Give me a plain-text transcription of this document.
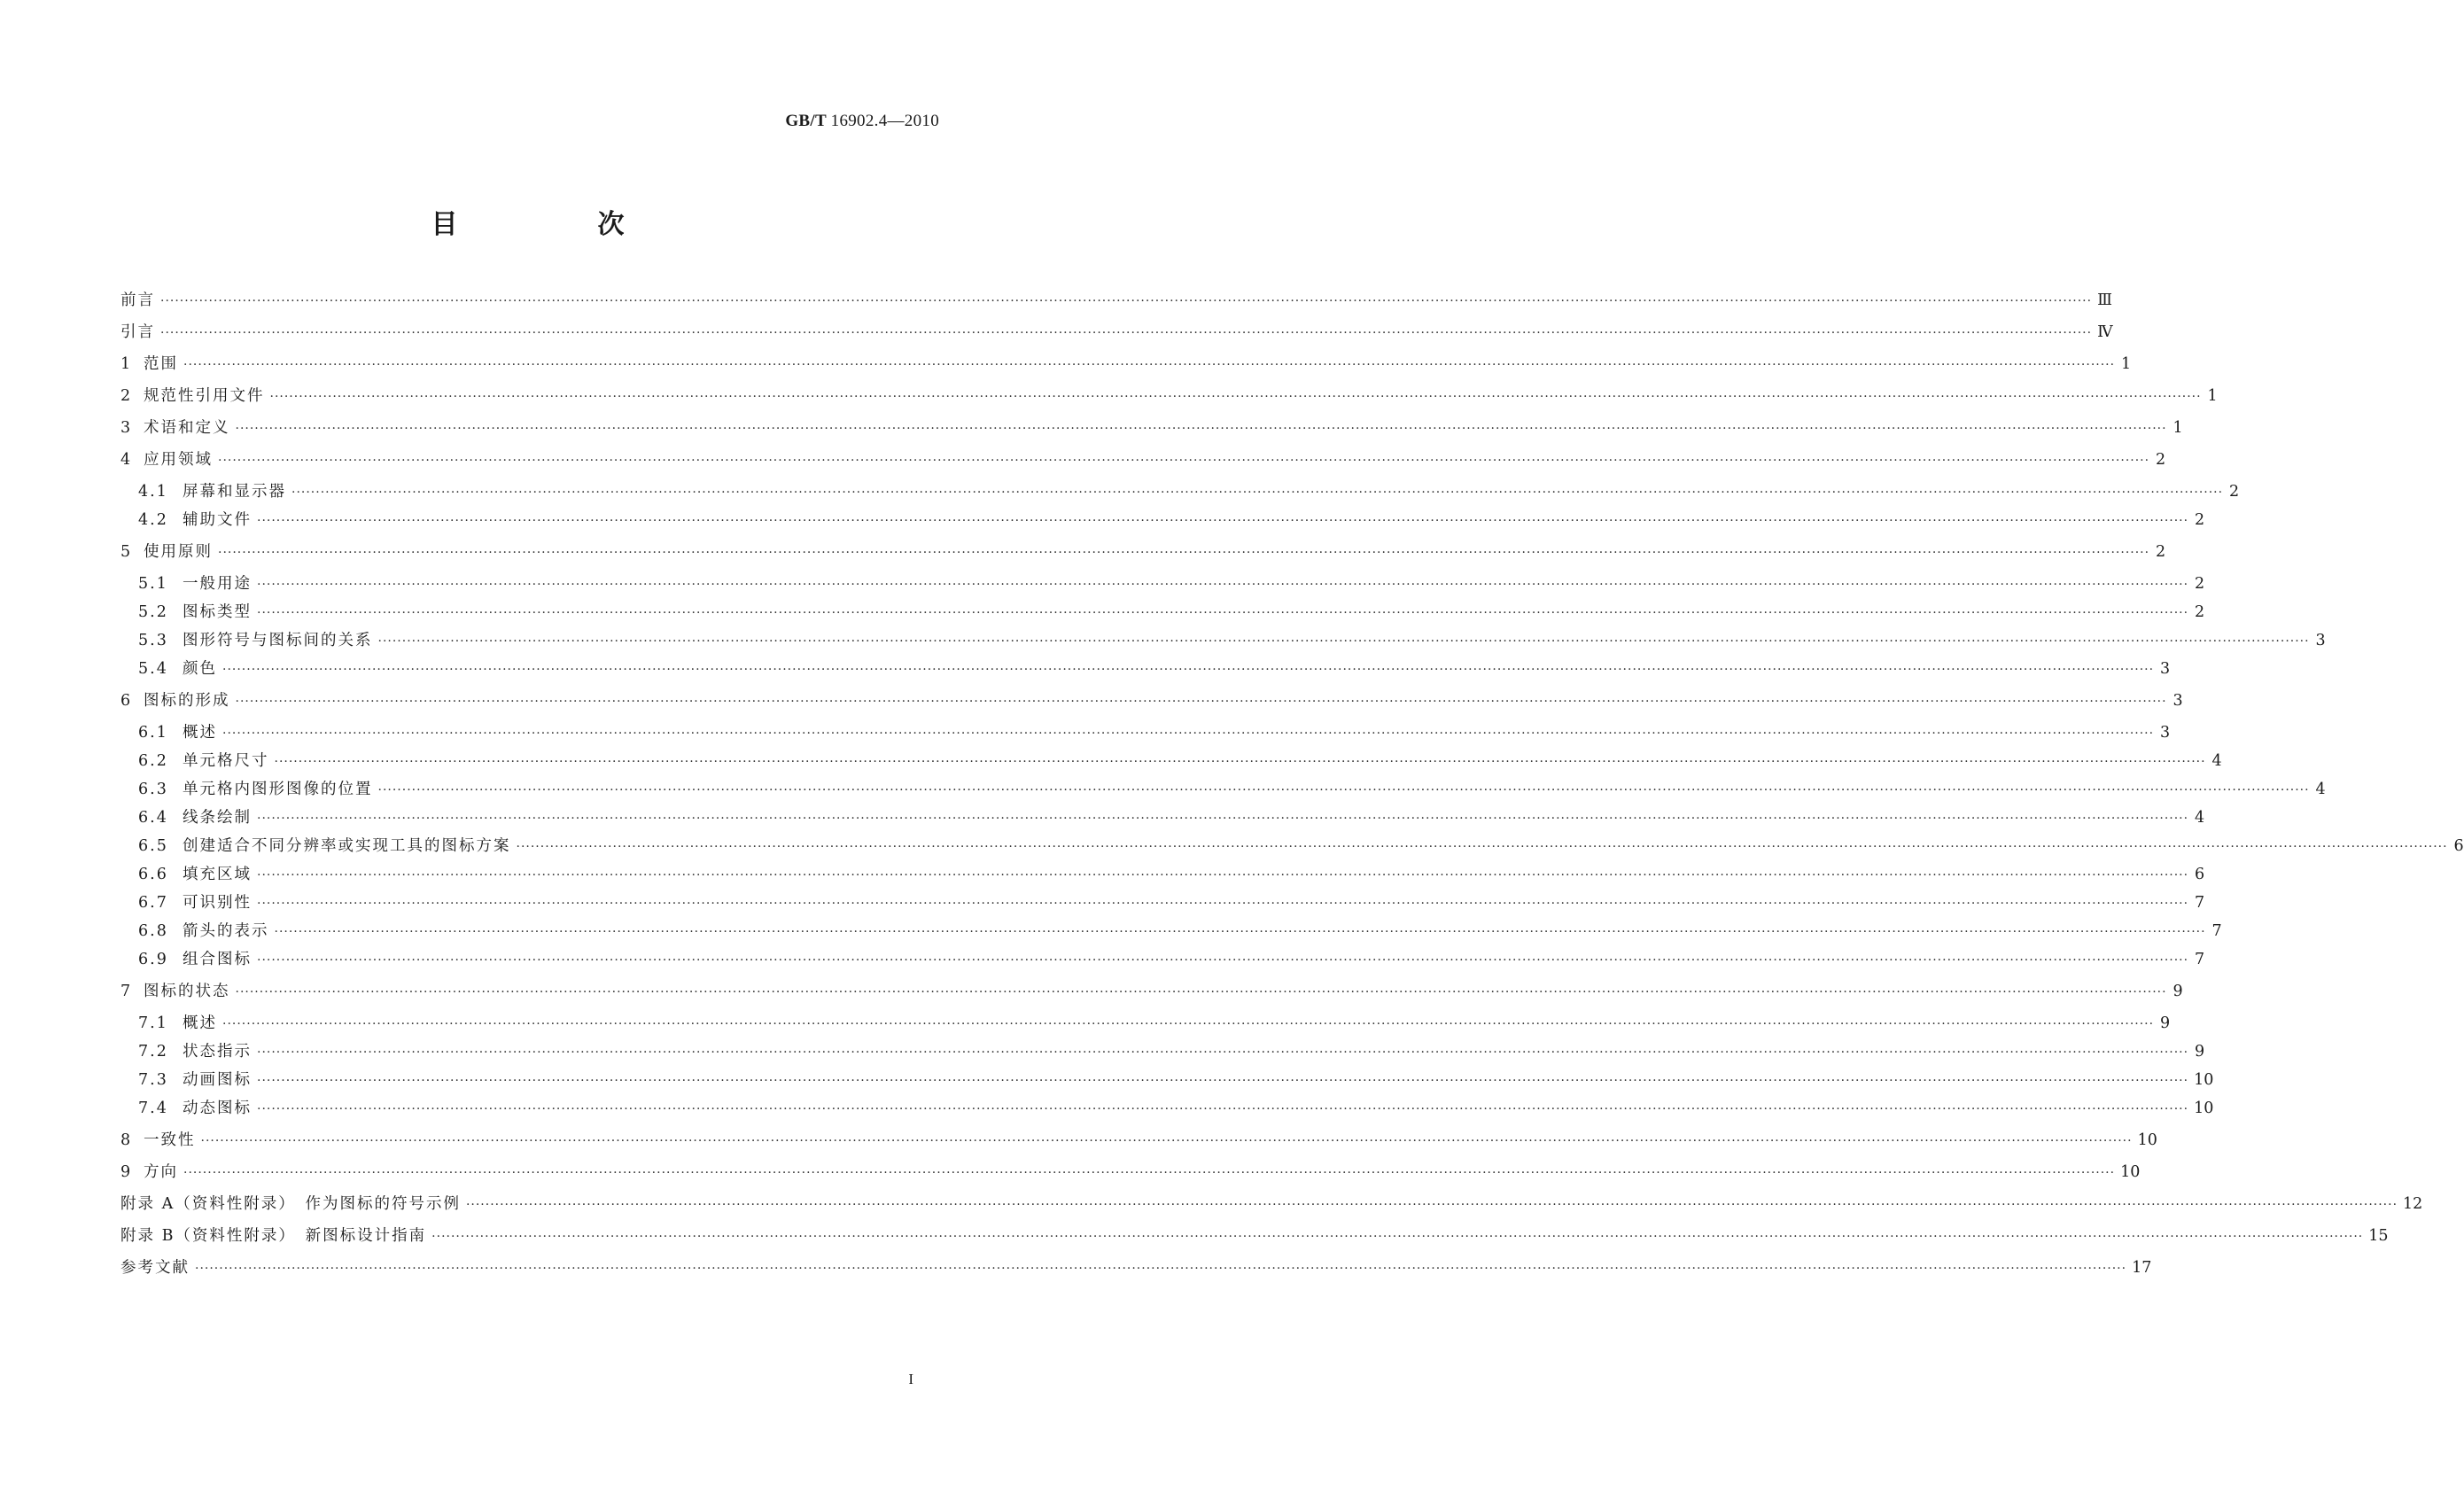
GB/T 16902.4—2010
目　次
前言 ················································································································································································································································································································································································································ Ⅲ
引言 ················································································································································································································································································································································································································ Ⅳ
1 范围 ················································································································································································································································································································································································································ 1
2 规范性引用文件 ················································································································································································································································································································································································································ 1
3 术语和定义 ················································································································································································································································································································································································································ 1
4 应用领域 ················································································································································································································································································································································································································ 2
4.1 屏幕和显示器 ················································································································································································································································································································································································································ 2
4.2 辅助文件 ················································································································································································································································································································································································································ 2
5 使用原则 ················································································································································································································································································································································································································ 2
5.1 一般用途 ················································································································································································································································································································································································································ 2
5.2 图标类型 ················································································································································································································································································································································································································ 2
5.3 图形符号与图标间的关系 ················································································································································································································································································································································································································ 3
5.4 颜色 ················································································································································································································································································································································································································ 3
6 图标的形成 ················································································································································································································································································································································································································ 3
6.1 概述 ················································································································································································································································································································································································································ 3
6.2 单元格尺寸 ················································································································································································································································································································································································································ 4
6.3 单元格内图形图像的位置 ················································································································································································································································································································································································································ 4
6.4 线条绘制 ················································································································································································································································································································································································································ 4
6.5 创建适合不同分辨率或实现工具的图标方案 ················································································································································································································································································································································································································ 6
6.6 填充区域 ················································································································································································································································································································································································································ 6
6.7 可识别性 ················································································································································································································································································································································································································ 7
6.8 箭头的表示 ················································································································································································································································································································································································································ 7
6.9 组合图标 ················································································································································································································································································································································································································ 7
7 图标的状态 ················································································································································································································································································································································································································ 9
7.1 概述 ················································································································································································································································································································································································································ 9
7.2 状态指示 ················································································································································································································································································································································································································ 9
7.3 动画图标 ················································································································································································································································································································································································································ 10
7.4 动态图标 ················································································································································································································································································································································································································ 10
8 一致性 ················································································································································································································································································································································································································ 10
9 方向 ················································································································································································································································································································································································································ 10
附录 A（资料性附录）　作为图标的符号示例 ················································································································································································································································································································································································································ 12
附录 B（资料性附录）　新图标设计指南 ················································································································································································································································································································································································································ 15
参考文献 ················································································································································································································································································································································································································ 17
I
